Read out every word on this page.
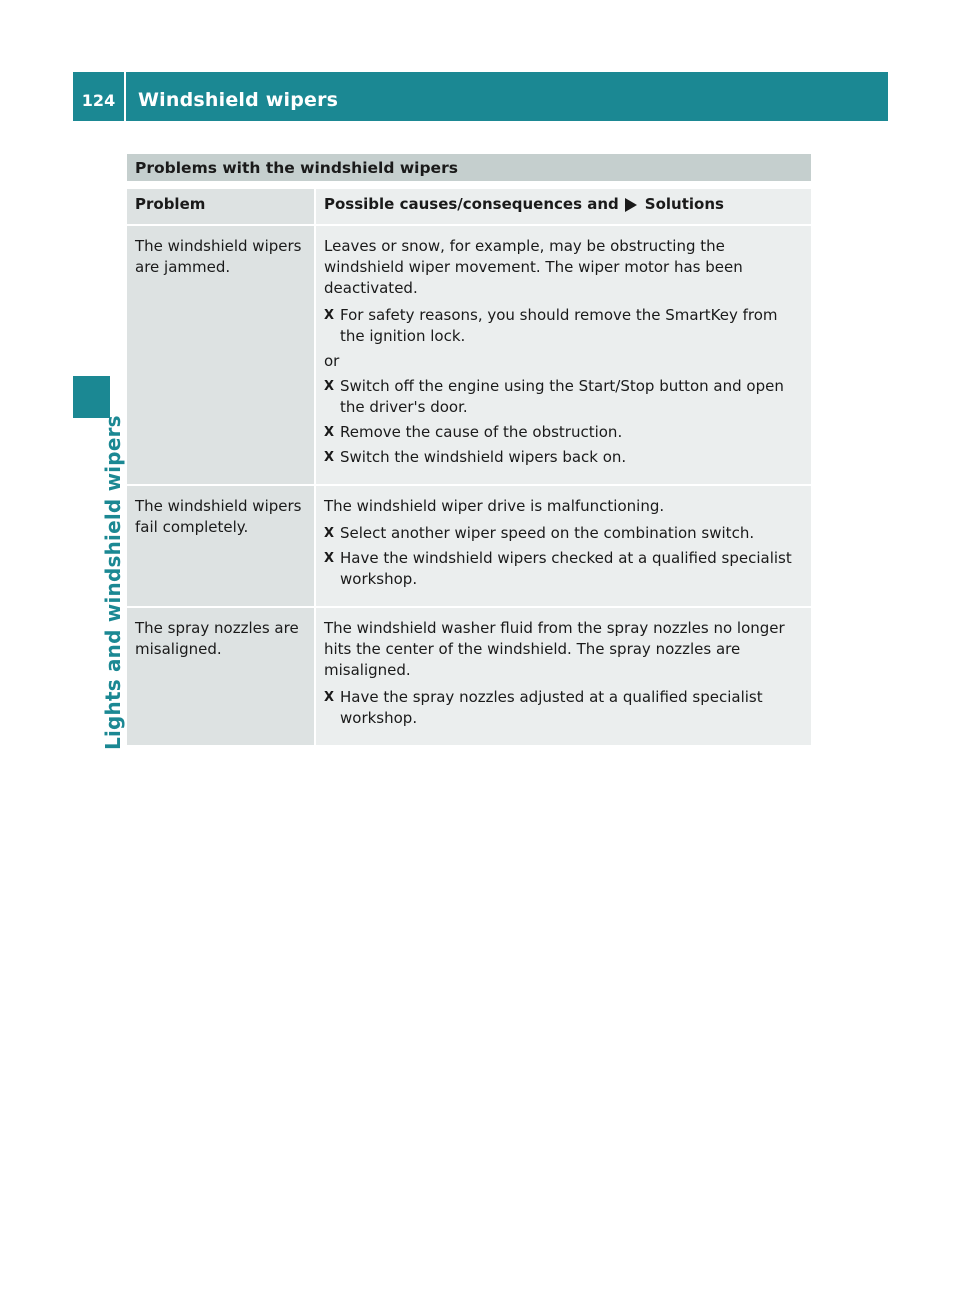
124	Windshield wipers
Lights and windshield wipers
Problems with the windshield wipers
Problem	Possible causes/consequences and Solutions
The windshield wipers are jammed.

Leaves or snow, for example, may be obstructing the windshield wiper movement. The wiper motor has been deactivated.

X For safety reasons, you should remove the SmartKey from the ignition lock.
or
X Switch off the engine using the Start/Stop button and open the driver's door.
X Remove the cause of the obstruction.
X Switch the windshield wipers back on.
The windshield wipers fail completely.

The windshield wiper drive is malfunctioning.

X Select another wiper speed on the combination switch.
X Have the windshield wipers checked at a qualified specialist workshop.
The spray nozzles are misaligned.

The windshield washer fluid from the spray nozzles no longer hits the center of the windshield. The spray nozzles are misaligned.

X Have the spray nozzles adjusted at a qualified specialist workshop.
